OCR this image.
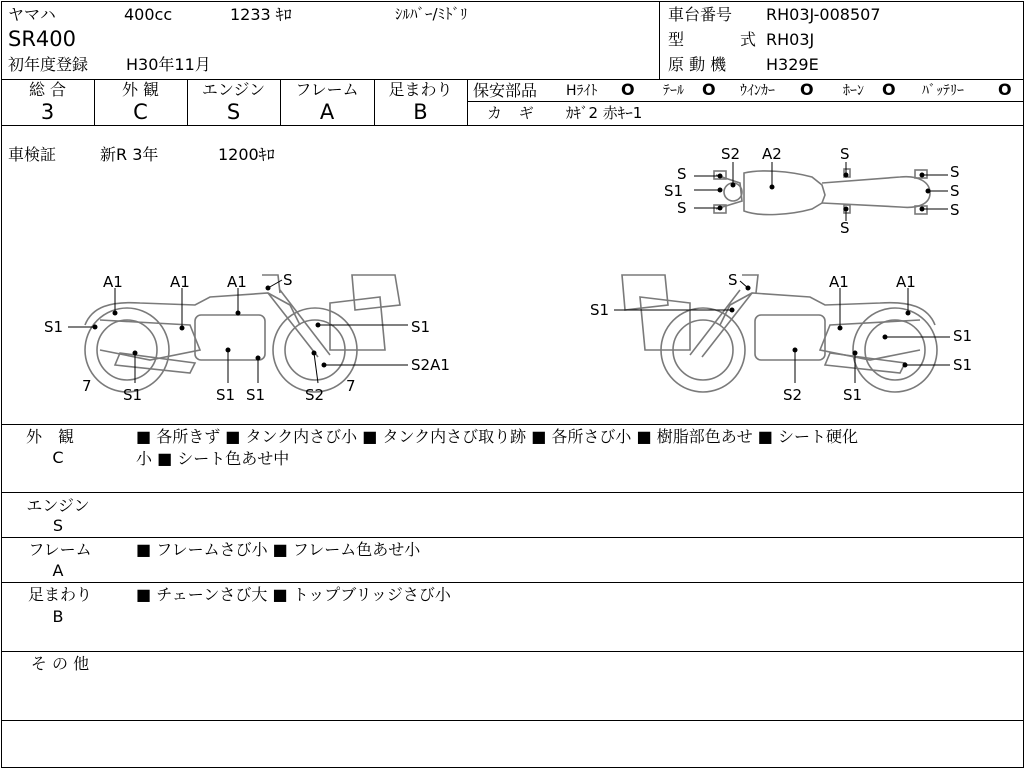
ヤマハ	400cc	1233 ｷﾛ	ｼﾙﾊﾞｰ/ﾐﾄﾞﾘ
SR400
初年度登録 H30年11月
車台番号 RH03J-008507
型	式 RH03J
原 動 機 H329E
総 合
3
外 観
C
エンジン
S
フレーム
A
足まわり
B
保安部品 Hﾗｲﾄ O ﾃｰﾙ O ｳｲﾝｶｰ O ﾎｰﾝ O ﾊﾞｯﾃﾘｰ O
カ ギ ｶｷﾞ2 赤ｷｰ1
車検証	新R 3年	1200ｷﾛ	S2 A2	S
S
S1
S
S
S
S
S
A1	A1 A1 S
S1	S1
S2A1
7	7
S1	S1 S1	S2
S	A1	A1
S1
S1
S1
S2	S1
外　観
C
■ 各所きず ■ タンク内さび小 ■ タンク内さび取り跡 ■ 各所さび小 ■ 樹脂部色あせ ■ シート硬化
小 ■ シート色あせ中
エンジン
S
フレーム
A
■ フレームさび小 ■ フレーム色あせ小
足まわり
B
■ チェーンさび大 ■ トップブリッジさび小
そ の 他
